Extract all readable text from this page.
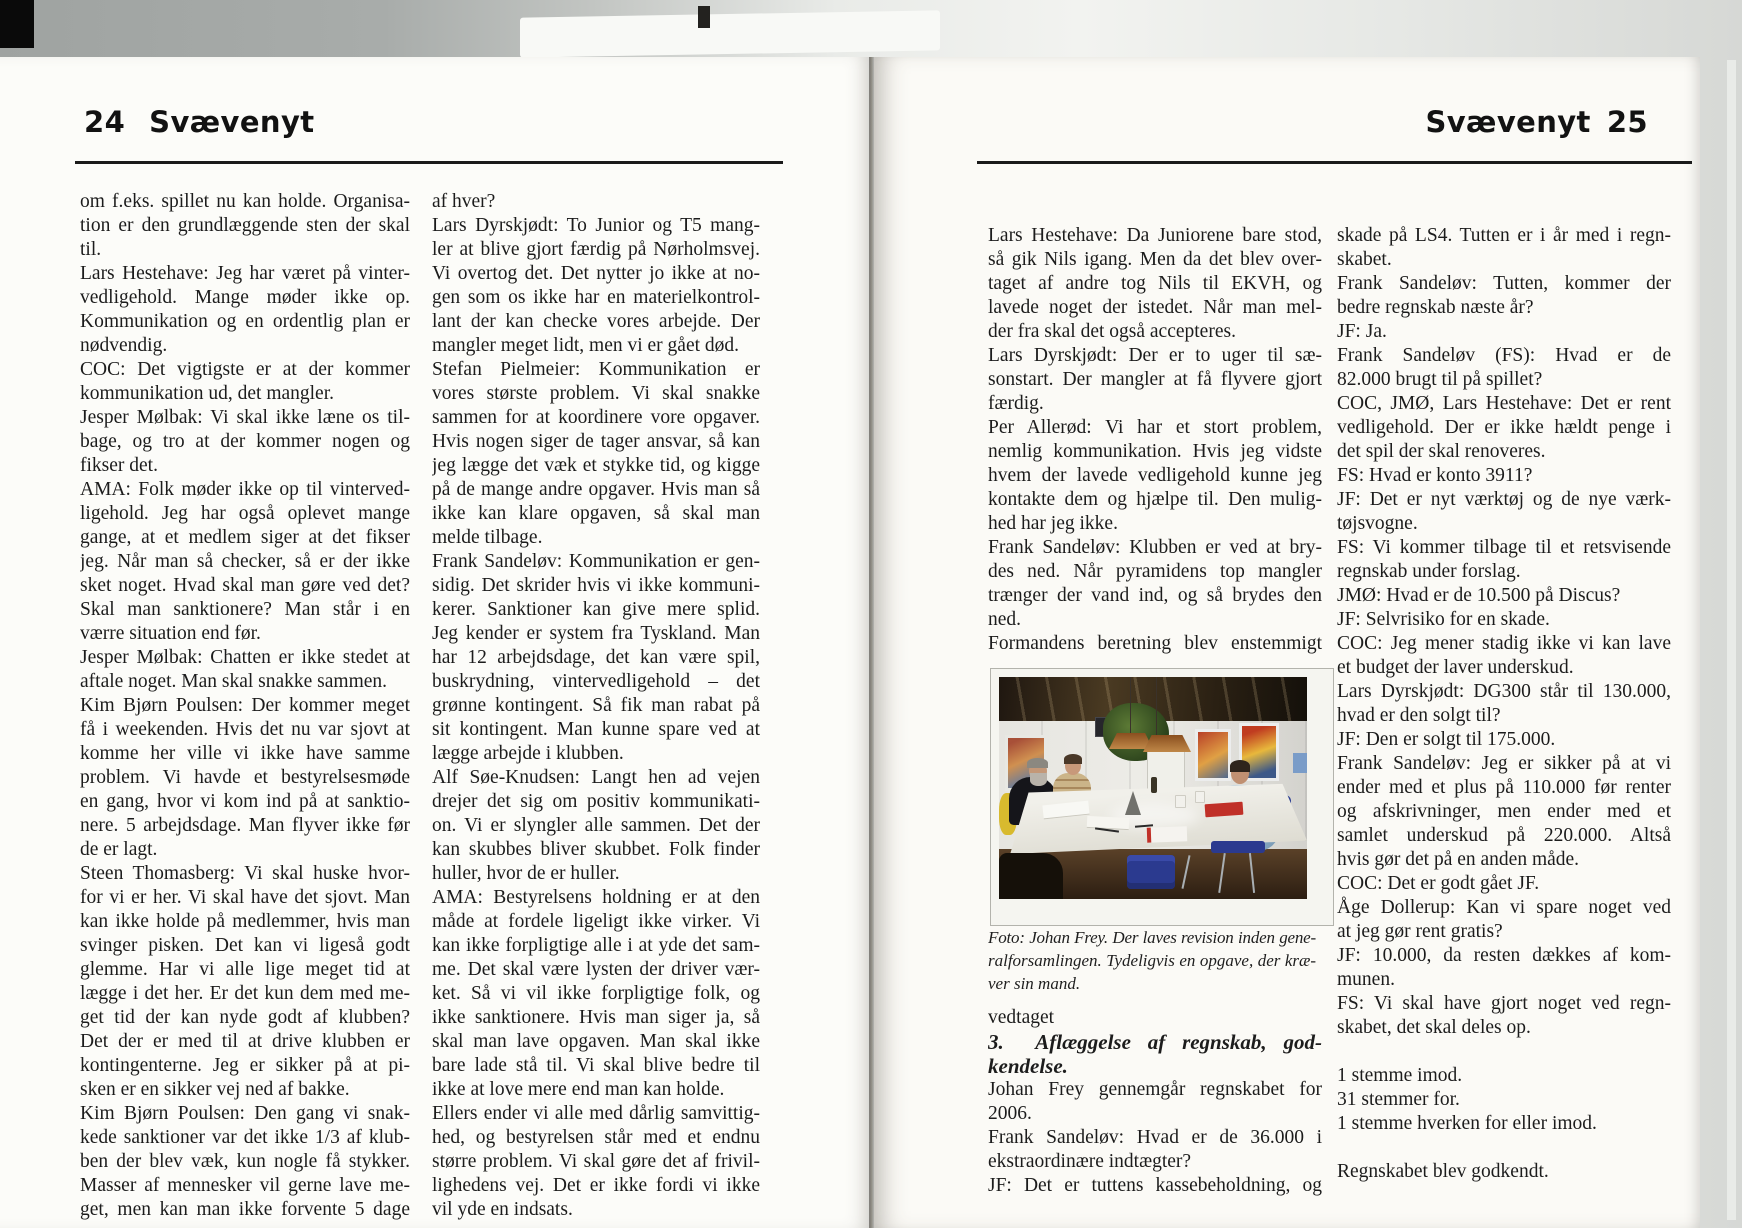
24 Svævenyt
om f.eks. spillet nu kan holde. Organisa-
tion er den grundlæggende sten der skal
til.
Lars Hestehave: Jeg har været på vinter-
vedligehold. Mange møder ikke op.
Kommunikation og en ordentlig plan er
nødvendig.
COC: Det vigtigste er at der kommer
kommunikation ud, det mangler.
Jesper Mølbak: Vi skal ikke læne os til-
bage, og tro at der kommer nogen og
fikser det.
AMA: Folk møder ikke op til vinterved-
ligehold. Jeg har også oplevet mange
gange, at et medlem siger at det fikser
jeg. Når man så checker, så er der ikke
sket noget. Hvad skal man gøre ved det?
Skal man sanktionere? Man står i en
værre situation end før.
Jesper Mølbak: Chatten er ikke stedet at
aftale noget. Man skal snakke sammen.
Kim Bjørn Poulsen: Der kommer meget
få i weekenden. Hvis det nu var sjovt at
komme her ville vi ikke have samme
problem. Vi havde et bestyrelsesmøde
en gang, hvor vi kom ind på at sanktio-
nere. 5 arbejdsdage. Man flyver ikke før
de er lagt.
Steen Thomasberg: Vi skal huske hvor-
for vi er her. Vi skal have det sjovt. Man
kan ikke holde på medlemmer, hvis man
svinger pisken. Det kan vi ligeså godt
glemme. Har vi alle lige meget tid at
lægge i det her. Er det kun dem med me-
get tid der kan nyde godt af klubben?
Det der er med til at drive klubben er
kontingenterne. Jeg er sikker på at pi-
sken er en sikker vej ned af bakke.
Kim Bjørn Poulsen: Den gang vi snak-
kede sanktioner var det ikke 1/3 af klub-
ben der blev væk, kun nogle få stykker.
Masser af mennesker vil gerne lave me-
get, men kan man ikke forvente 5 dage
af hver?
Lars Dyrskjødt: To Junior og T5 mang-
ler at blive gjort færdig på Nørholmsvej.
Vi overtog det. Det nytter jo ikke at no-
gen som os ikke har en materielkontrol-
lant der kan checke vores arbejde. Der
mangler meget lidt, men vi er gået død.
Stefan Pielmeier: Kommunikation er
vores største problem. Vi skal snakke
sammen for at koordinere vore opgaver.
Hvis nogen siger de tager ansvar, så kan
jeg lægge det væk et stykke tid, og kigge
på de mange andre opgaver. Hvis man så
ikke kan klare opgaven, så skal man
melde tilbage.
Frank Sandeløv: Kommunikation er gen-
sidig. Det skrider hvis vi ikke kommuni-
kerer. Sanktioner kan give mere splid.
Jeg kender er system fra Tyskland. Man
har 12 arbejdsdage, det kan være spil,
buskrydning, vintervedligehold – det
grønne kontingent. Så fik man rabat på
sit kontingent. Man kunne spare ved at
lægge arbejde i klubben.
Alf Søe-Knudsen: Langt hen ad vejen
drejer det sig om positiv kommunikati-
on. Vi er slyngler alle sammen. Det der
kan skubbes bliver skubbet. Folk finder
huller, hvor de er huller.
AMA: Bestyrelsens holdning er at den
måde at fordele ligeligt ikke virker. Vi
kan ikke forpligtige alle i at yde det sam-
me. Det skal være lysten der driver vær-
ket. Så vi vil ikke forpligtige folk, og
ikke sanktionere. Hvis man siger ja, så
skal man lave opgaven. Man skal ikke
bare lade stå til. Vi skal blive bedre til
ikke at love mere end man kan holde.
Ellers ender vi alle med dårlig samvittig-
hed, og bestyrelsen står med et endnu
større problem. Vi skal gøre det af frivil-
lighedens vej. Det er ikke fordi vi ikke
vil yde en indsats.
Svævenyt 25
Lars Hestehave: Da Juniorene bare stod,
så gik Nils igang. Men da det blev over-
taget af andre tog Nils til EKVH, og
lavede noget der istedet. Når man mel-
der fra skal det også accepteres.
Lars Dyrskjødt: Der er to uger til sæ-
sonstart. Der mangler at få flyvere gjort
færdig.
Per Allerød: Vi har et stort problem,
nemlig kommunikation. Hvis jeg vidste
hvem der lavede vedligehold kunne jeg
kontakte dem og hjælpe til. Den mulig-
hed har jeg ikke.
Frank Sandeløv: Klubben er ved at bry-
des ned. Når pyramidens top mangler
trænger der vand ind, og så brydes den
ned.
Formandens beretning blev enstemmigt
Foto: Johan Frey. Der laves revision inden gene-
ralforsamlingen. Tydeligvis en opgave, der kræ-
ver sin mand.
vedtaget
3.  Aflæggelse af regnskab, god-
kendelse.
Johan Frey gennemgår regnskabet for
2006.
Frank Sandeløv: Hvad er de 36.000 i
ekstraordinære indtægter?
JF: Det er tuttens kassebeholdning, og
skade på LS4. Tutten er i år med i regn-
skabet.
Frank Sandeløv: Tutten, kommer der
bedre regnskab næste år?
JF: Ja.
Frank Sandeløv (FS): Hvad er de
82.000 brugt til på spillet?
COC, JMØ, Lars Hestehave: Det er rent
vedligehold. Der er ikke hældt penge i
det spil der skal renoveres.
FS: Hvad er konto 3911?
JF: Det er nyt værktøj og de nye værk-
tøjsvogne.
FS: Vi kommer tilbage til et retsvisende
regnskab under forslag.
JMØ: Hvad er de 10.500 på Discus?
JF: Selvrisiko for en skade.
COC: Jeg mener stadig ikke vi kan lave
et budget der laver underskud.
Lars Dyrskjødt: DG300 står til 130.000,
hvad er den solgt til?
JF: Den er solgt til 175.000.
Frank Sandeløv: Jeg er sikker på at vi
ender med et plus på 110.000 før renter
og afskrivninger, men ender med et
samlet underskud på 220.000. Altså
hvis gør det på en anden måde.
COC: Det er godt gået JF.
Åge Dollerup: Kan vi spare noget ved
at jeg gør rent gratis?
JF: 10.000, da resten dækkes af kom-
munen.
FS: Vi skal have gjort noget ved regn-
skabet, det skal deles op.
1 stemme imod.
31 stemmer for.
1 stemme hverken for eller imod.
Regnskabet blev godkendt.
